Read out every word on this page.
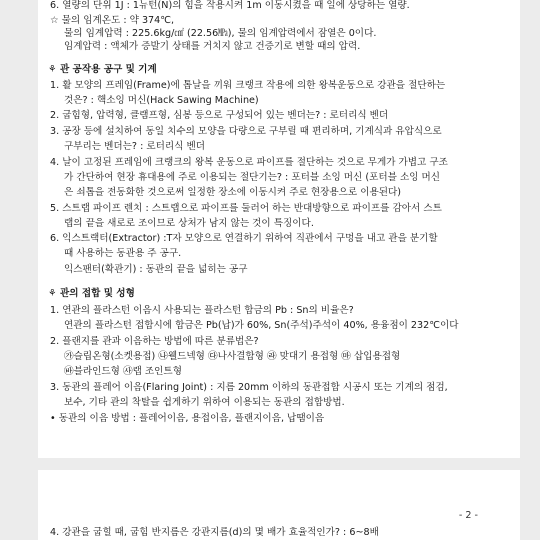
6. 열량의 단위 1J : 1뉴턴(N)의 힘을 작용시켜 1m 이동시켰을 때 일에 상당하는 열량.
☆ 물의 임계온도 : 약 374℃,
물의 임계압력 : 225.6kg/㎠ (22.56㎫), 물의 임계압력에서 잠열은 0이다.
임계압력 : 액체가 증발기 상태를 거치지 않고 건증기로 변할 때의 압력.
⚘ 관 공작용 공구 및 기계
1. 활 모양의 프레임(Frame)에 톱날을 끼워 크랭크 작용에 의한 왕복운동으로 강관을 절단하는
것은? : 핵소잉 머신(Hack Sawing Machine)
2. 굽힘형, 압력형, 클램프형, 심봉 등으로 구성되어 있는 벤더는? : 로터리식 벤더
3. 공장 등에 설치하여 동일 치수의 모양을 다량으로 구부릴 때 편리하며, 기계식과 유압식으로
구부리는 벤더는? : 로터리식 벤더
4. 날이 고정된 프레임에 크랭크의 왕복 운동으로 파이프를 절단하는 것으로 무게가 가볍고 구조
가 간단하여 현장 휴대용에 주로 이용되는 절단기는? : 포터블 소잉 머신 (포터블 소잉 머신
은 쇠톱을 전동화한 것으로써 일정한 장소에 이동시켜 주로 현장용으로 이용된다)
5. 스트랩 파이프 렌치 : 스트랩으로 파이프를 둘러어 하는 반대방향으로 파이프를 감아서 스트
랩의 끝을 새로로 조이므로 상처가 남지 않는 것이 특징이다.
6. 익스트랙터(Extractor) :T자 모양으로 연결하기 위하여 직관에서 구멍을 내고 관을 분기할
때 사용하는 동관용 주 공구.
익스팬터(확관기) : 동관의 끝을 넓히는 공구
⚘ 관의 접합 및 성형
1. 연관의 플라스턴 이음시 사용되는 플라스턴 합금의 Pb : Sn의 비율은?
연관의 플라스턴 접합시에 합금은 Pb(납)가 60%, Sn(주석)주석이 40%, 용융점이 232℃이다
2. 플랜지를 관과 이음하는 방법에 따른 분류법은?
㉮슬립온형(소켓용접) ㉯웰드넥형 ㉰나사결합형 ㉱ 맞대기 용접형 ㉲ 삽입용접형
㉳블라인드형 ㉴랩 조인트형
3. 동관의 플레어 이음(Flaring Joint) : 지름 20mm 이하의 동관접합 시공시 또는 기계의 점검,
보수, 기타 관의 착탈을 쉽게하기 위하여 이용되는 동관의 접합방법.
• 동관의 이음 방법 : 플레어이음, 용접이음, 플랜지이음, 납땜이음
- 2 -
4. 강관을 굽힐 때, 굽힘 반지름은 강관지름(d)의 몇 배가 효율적인가? : 6~8배
